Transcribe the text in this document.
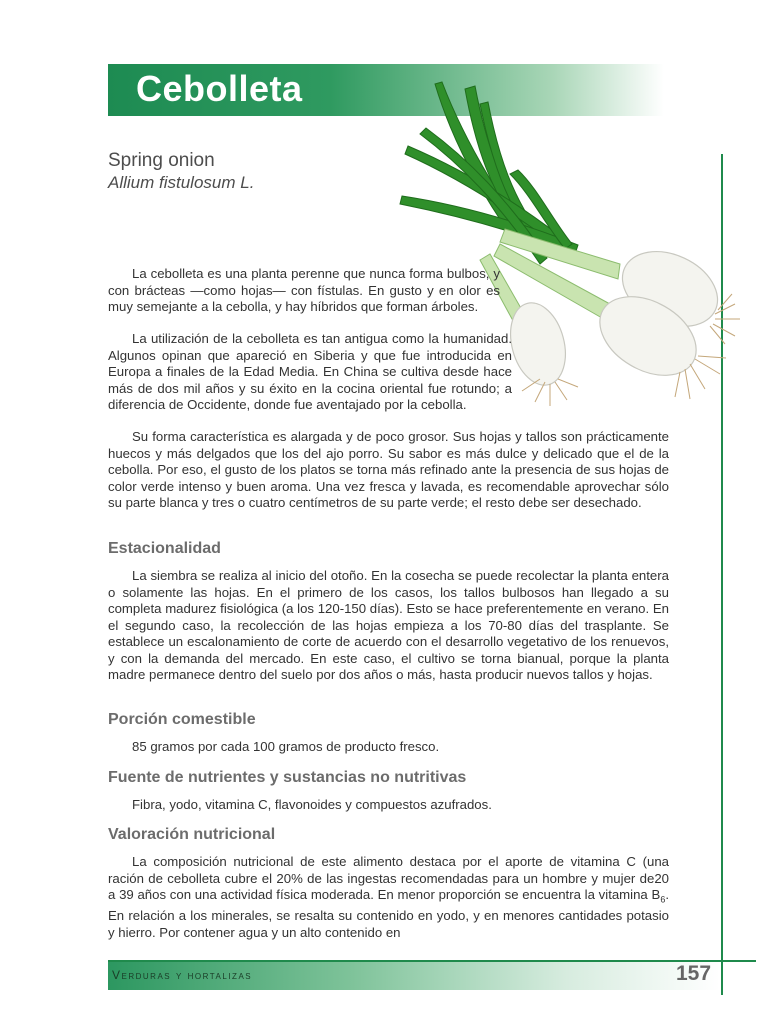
Cebolleta
Spring onion
Allium fistulosum L.

La cebolleta es una planta perenne que nunca forma bulbos, y con brácteas —como hojas— con fístulas. En gusto y en olor es muy semejante a la cebolla, y hay híbridos que forman árboles.

La utilización de la cebolleta es tan antigua como la humanidad. Algunos opinan que apareció en Siberia y que fue introducida en Europa a finales de la Edad Media. En China se cultiva desde hace más de dos mil años y su éxito en la cocina oriental fue rotundo; a diferencia de Occidente, donde fue aventajado por la cebolla.

Su forma característica es alargada y de poco grosor. Sus hojas y tallos son prácticamente huecos y más delgados que los del ajo porro. Su sabor es más dulce y delicado que el de la cebolla. Por eso, el gusto de los platos se torna más refinado ante la presencia de sus hojas de color verde intenso y buen aroma. Una vez fresca y lavada, es recomendable aprovechar sólo su parte blanca y tres o cuatro centímetros de su parte verde; el resto debe ser desechado.

Estacionalidad

La siembra se realiza al inicio del otoño. En la cosecha se puede recolectar la planta entera o solamente las hojas. En el primero de los casos, los tallos bulbosos han llegado a su completa madurez fisiológica (a los 120-150 días). Esto se hace preferentemente en verano. En el segundo caso, la recolección de las hojas empieza a los 70-80 días del trasplante. Se establece un escalonamiento de corte de acuerdo con el desarrollo vegetativo de los renuevos, y con la demanda del mercado. En este caso, el cultivo se torna bianual, porque la planta madre permanece dentro del suelo por dos años o más, hasta producir nuevos tallos y hojas.

Porción comestible

85 gramos por cada 100 gramos de producto fresco.

Fuente de nutrientes y sustancias no nutritivas

Fibra, yodo, vitamina C, flavonoides y compuestos azufrados.

Valoración nutricional

La composición nutricional de este alimento destaca por el aporte de vitamina C (una ración de cebolleta cubre el 20% de las ingestas recomendadas para un hombre y mujer de20 a 39 años con una actividad física moderada. En menor proporción se encuentra la vitamina $B_6$. En relación a los minerales, se resalta su contenido en yodo, y en menores cantidades potasio y hierro. Por contener agua y un alto contenido en

Verduras y hortalizas	157
